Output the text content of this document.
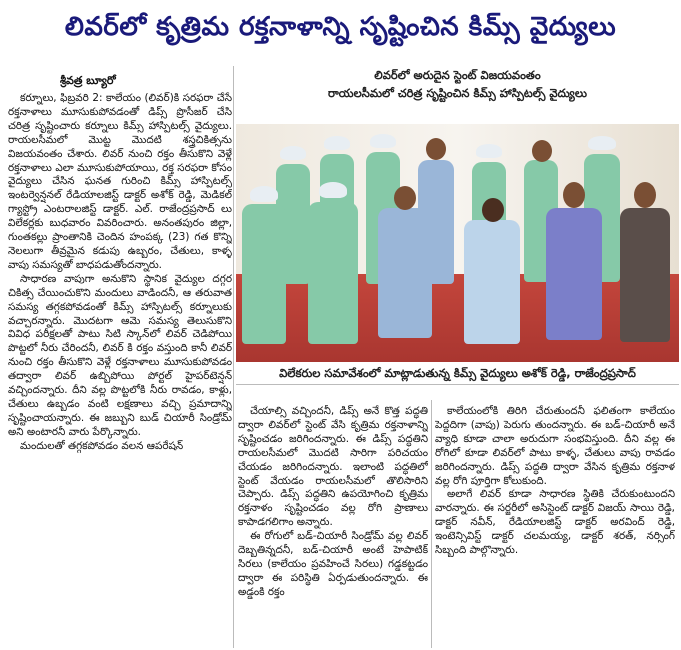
లివర్‌లో కృత్రిమ రక్తనాళాన్ని సృష్టించిన కిమ్స్ వైద్యులు
శ్రీవత్ర బ్యూరో

కర్నూలు, ఫిబ్రవరి 2: కాలేయం (లివర్)కి సరఫరా చేసే రక్తనాళాలు మూసుకుపోవడంతో డిప్స్ ప్రొసీజర్ చేసి చరిత్ర సృష్టించారు కర్నూలు కిమ్స్ హాస్పిటల్స్ వైద్యులు. రాయలసీమలో మొట్ట మొదటి శస్త్రచికిత్సను విజయవంతం చేశారు. లివర్ నుంచి రక్తం తీసుకొని వెళ్లే రక్తనాళాలు ఎలా మూసుకుపోయాయి, రక్త సరఫరా కోసం వైద్యులు చేసిన ఘనత గురించి కిమ్స్ హాస్పిటల్స్ ఇంటర్వెన్షనల్ రేడియాలజిస్ట్ డాక్టర్ అశోక్ రెడ్డి, మెడికల్ గ్యాస్ట్రో ఎంటరాలజిస్ట్ డాక్టర్. ఎల్. రాజేంద్రప్రసాద్ లు విలేకర్లకు బుధవారం వివరించారు. అనంతపురం జిల్లా, గుంతకల్లు ప్రాంతానికి చెందిన హంపక్క (23) గత కొన్ని నెలలుగా తీవ్రమైన కడుపు ఉబ్బరం, చేతులు, కాళ్ళ వాపు సమస్యతో బాధపడుతోందన్నారు.

సాధారణ వాపుగా అనుకొని స్థానిక వైద్యుల దగ్గర చికిత్స చేయించుకొని మందులు వాడిందనీ, ఆ తరువాత సమస్య తగ్గకపోవడంతో కిమ్స్ హాస్పిటల్స్ కర్నూలుకు వచ్చారన్నారు. మొదటగా ఆమె సమస్య తెలుసుకొని వివిధ పరీక్షలతో పాటు సిటి స్కాన్‌లో లివర్ చెడిపోయి పొట్టలో నీరు చేరిందనీ, లివర్ కి రక్తం వస్తుంది కానీ లివర్ నుంచి రక్తం తీసుకొని వెళ్లే రక్తనాళాలు మూసుకుపోవడం తద్వారా లివర్ ఉబ్బిపోయి పోర్టల్ హైపర్‌టెన్షన్ వచ్చిందన్నారు. దీని వల్ల పొట్టలోకి నీరు రావడం, కాళ్లు, చేతులు ఉబ్బడం వంటి లక్షణాలు వచ్చి ప్రమాదాన్ని సృష్టించాయన్నారు. ఈ జబ్బుని బుడ్ చియారీ సిండ్రోమ్ అని అంటారనీ వారు పేర్కొన్నారు.

మందులతో తగ్గకపోవడం వలన ఆపరేషన్

లివర్‌లో అరుదైన స్టెంట్ విజయవంతం
రాయలసీమలో చరిత్ర సృష్టించిన కిమ్స్ హాస్పిటల్స్ వైద్యులు
విలేకరుల సమావేశంలో మాట్లాడుతున్న కిమ్స్ వైద్యులు అశోక్ రెడ్డి, రాజేంద్రప్రసాద్

చేయాల్సి వచ్చిందనీ, డిప్స్ అనే కొత్త పద్ధతి ద్వారా లివర్‌లో స్టెంట్ వేసి కృత్రిమ రక్తనాళాన్ని సృష్టించడం జరిగిందన్నారు. ఈ డిప్స్ పద్ధతిని రాయలసీమలో మొదటి సారిగా పరిచయం చేయడం జరిగిందన్నారు. ఇలాంటి పద్ధతిలో స్టెంట్ వేయడం రాయలసీమలో తొలిసారిని చెప్పారు. డిప్స్ పద్ధతిని ఉపయోగించి కృత్రిమ రక్తనాళం సృష్టించడం వల్ల రోగి ప్రాణాలు కాపాడగలిగాం అన్నారు.

ఈ రోగులో బడ్-చియారీ సిండ్రోమ్ వల్ల లివర్ దెబ్బతిన్నదనీ, బడ్-చియారీ అంటే హెపాటిక్ సిరలు (కాలేయం ప్రవహించే సిరలు) గడ్డకట్టడం ద్వారా ఈ పరిస్థితి ఏర్పడుతుందన్నారు. ఈ అడ్డంకి రక్తం

కాలేయంలోకి తిరిగి చేరుతుందనీ ఫలితంగా కాలేయం పెద్దదిగా (వాపు) పెరుగు తుందన్నారు. ఈ బడ్-చియారీ అనే వ్యాధి కూడా చాలా అరుదుగా సంభవిస్తుంది. దీని వల్ల ఈ రోగిలో కూడా లివర్‌లో పాటు కాళ్ళ, చేతులు వాపు రావడం జరిగిందన్నారు. డిప్స్ పద్ధతి ద్వారా వేసిన కృత్రిమ రక్తనాళ వల్ల రోగి పూర్తిగా కోలుకుంది.

అలాగే లివర్ కూడా సాధారణ స్థితికి చేరుకుంటుందని వారన్నారు. ఈ సర్జరీలో అసిస్టెంట్ డాక్టర్ విజయ్ సాయి రెడ్డి, డాక్టర్ నవీన్, రేడియాలజిస్ట్ డాక్టర్ అరవింద్ రెడ్డి, ఇంటెన్సివిస్ట్ డాక్టర్ చలమయ్య, డాక్టర్ శరత్, నర్సింగ్ సిబ్బంది పాల్గొన్నారు.
